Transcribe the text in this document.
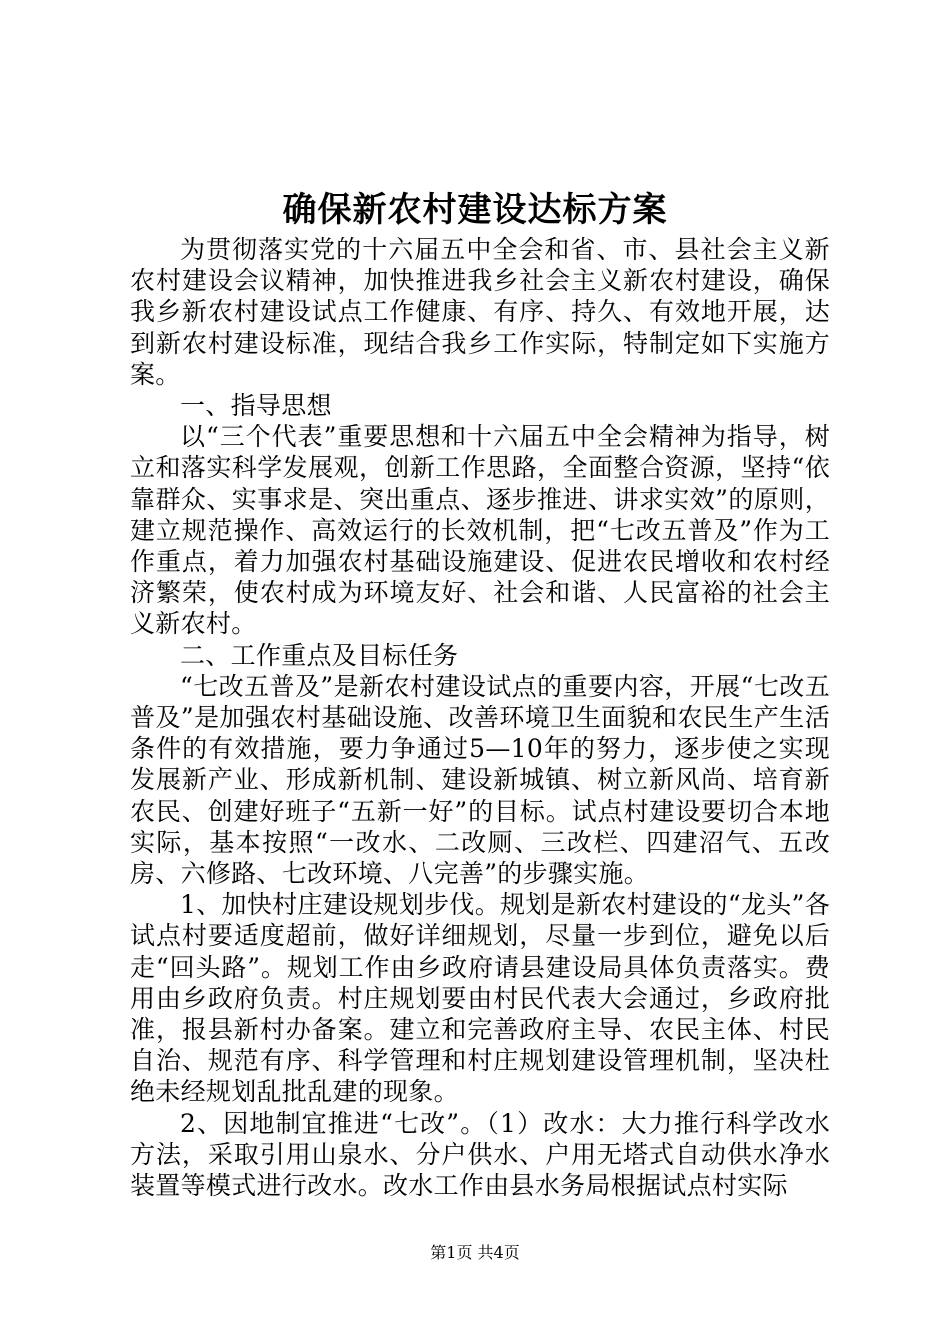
确保新农村建设达标方案

为贯彻落实党的十六届五中全会和省、市、县社会主义新农村建设会议精神，加快推进我乡社会主义新农村建设，确保我乡新农村建设试点工作健康、有序、持久、有效地开展，达到新农村建设标准，现结合我乡工作实际，特制定如下实施方案。

一、指导思想

以“三个代表”重要思想和十六届五中全会精神为指导，树立和落实科学发展观，创新工作思路，全面整合资源，坚持“依靠群众、实事求是、突出重点、逐步推进、讲求实效”的原则，建立规范操作、高效运行的长效机制，把“七改五普及”作为工作重点，着力加强农村基础设施建设、促进农民增收和农村经济繁荣，使农村成为环境友好、社会和谐、人民富裕的社会主义新农村。

二、工作重点及目标任务

“七改五普及”是新农村建设试点的重要内容，开展“七改五普及”是加强农村基础设施、改善环境卫生面貌和农民生产生活条件的有效措施，要力争通过5—10年的努力，逐步使之实现发展新产业、形成新机制、建设新城镇、树立新风尚、培育新农民、创建好班子“五新一好”的目标。试点村建设要切合本地实际，基本按照“一改水、二改厕、三改栏、四建沼气、五改房、六修路、七改环境、八完善”的步骤实施。

1、加快村庄建设规划步伐。规划是新农村建设的“龙头”各试点村要适度超前，做好详细规划，尽量一步到位，避免以后走“回头路”。规划工作由乡政府请县建设局具体负责落实。费用由乡政府负责。村庄规划要由村民代表大会通过，乡政府批准，报县新村办备案。建立和完善政府主导、农民主体、村民自治、规范有序、科学管理和村庄规划建设管理机制，坚决杜绝未经规划乱批乱建的现象。

2、因地制宜推进“七改”。（1）改水：大力推行科学改水方法，采取引用山泉水、分户供水、户用无塔式自动供水净水装置等模式进行改水。改水工作由县水务局根据试点村实际

第1页 共4页
